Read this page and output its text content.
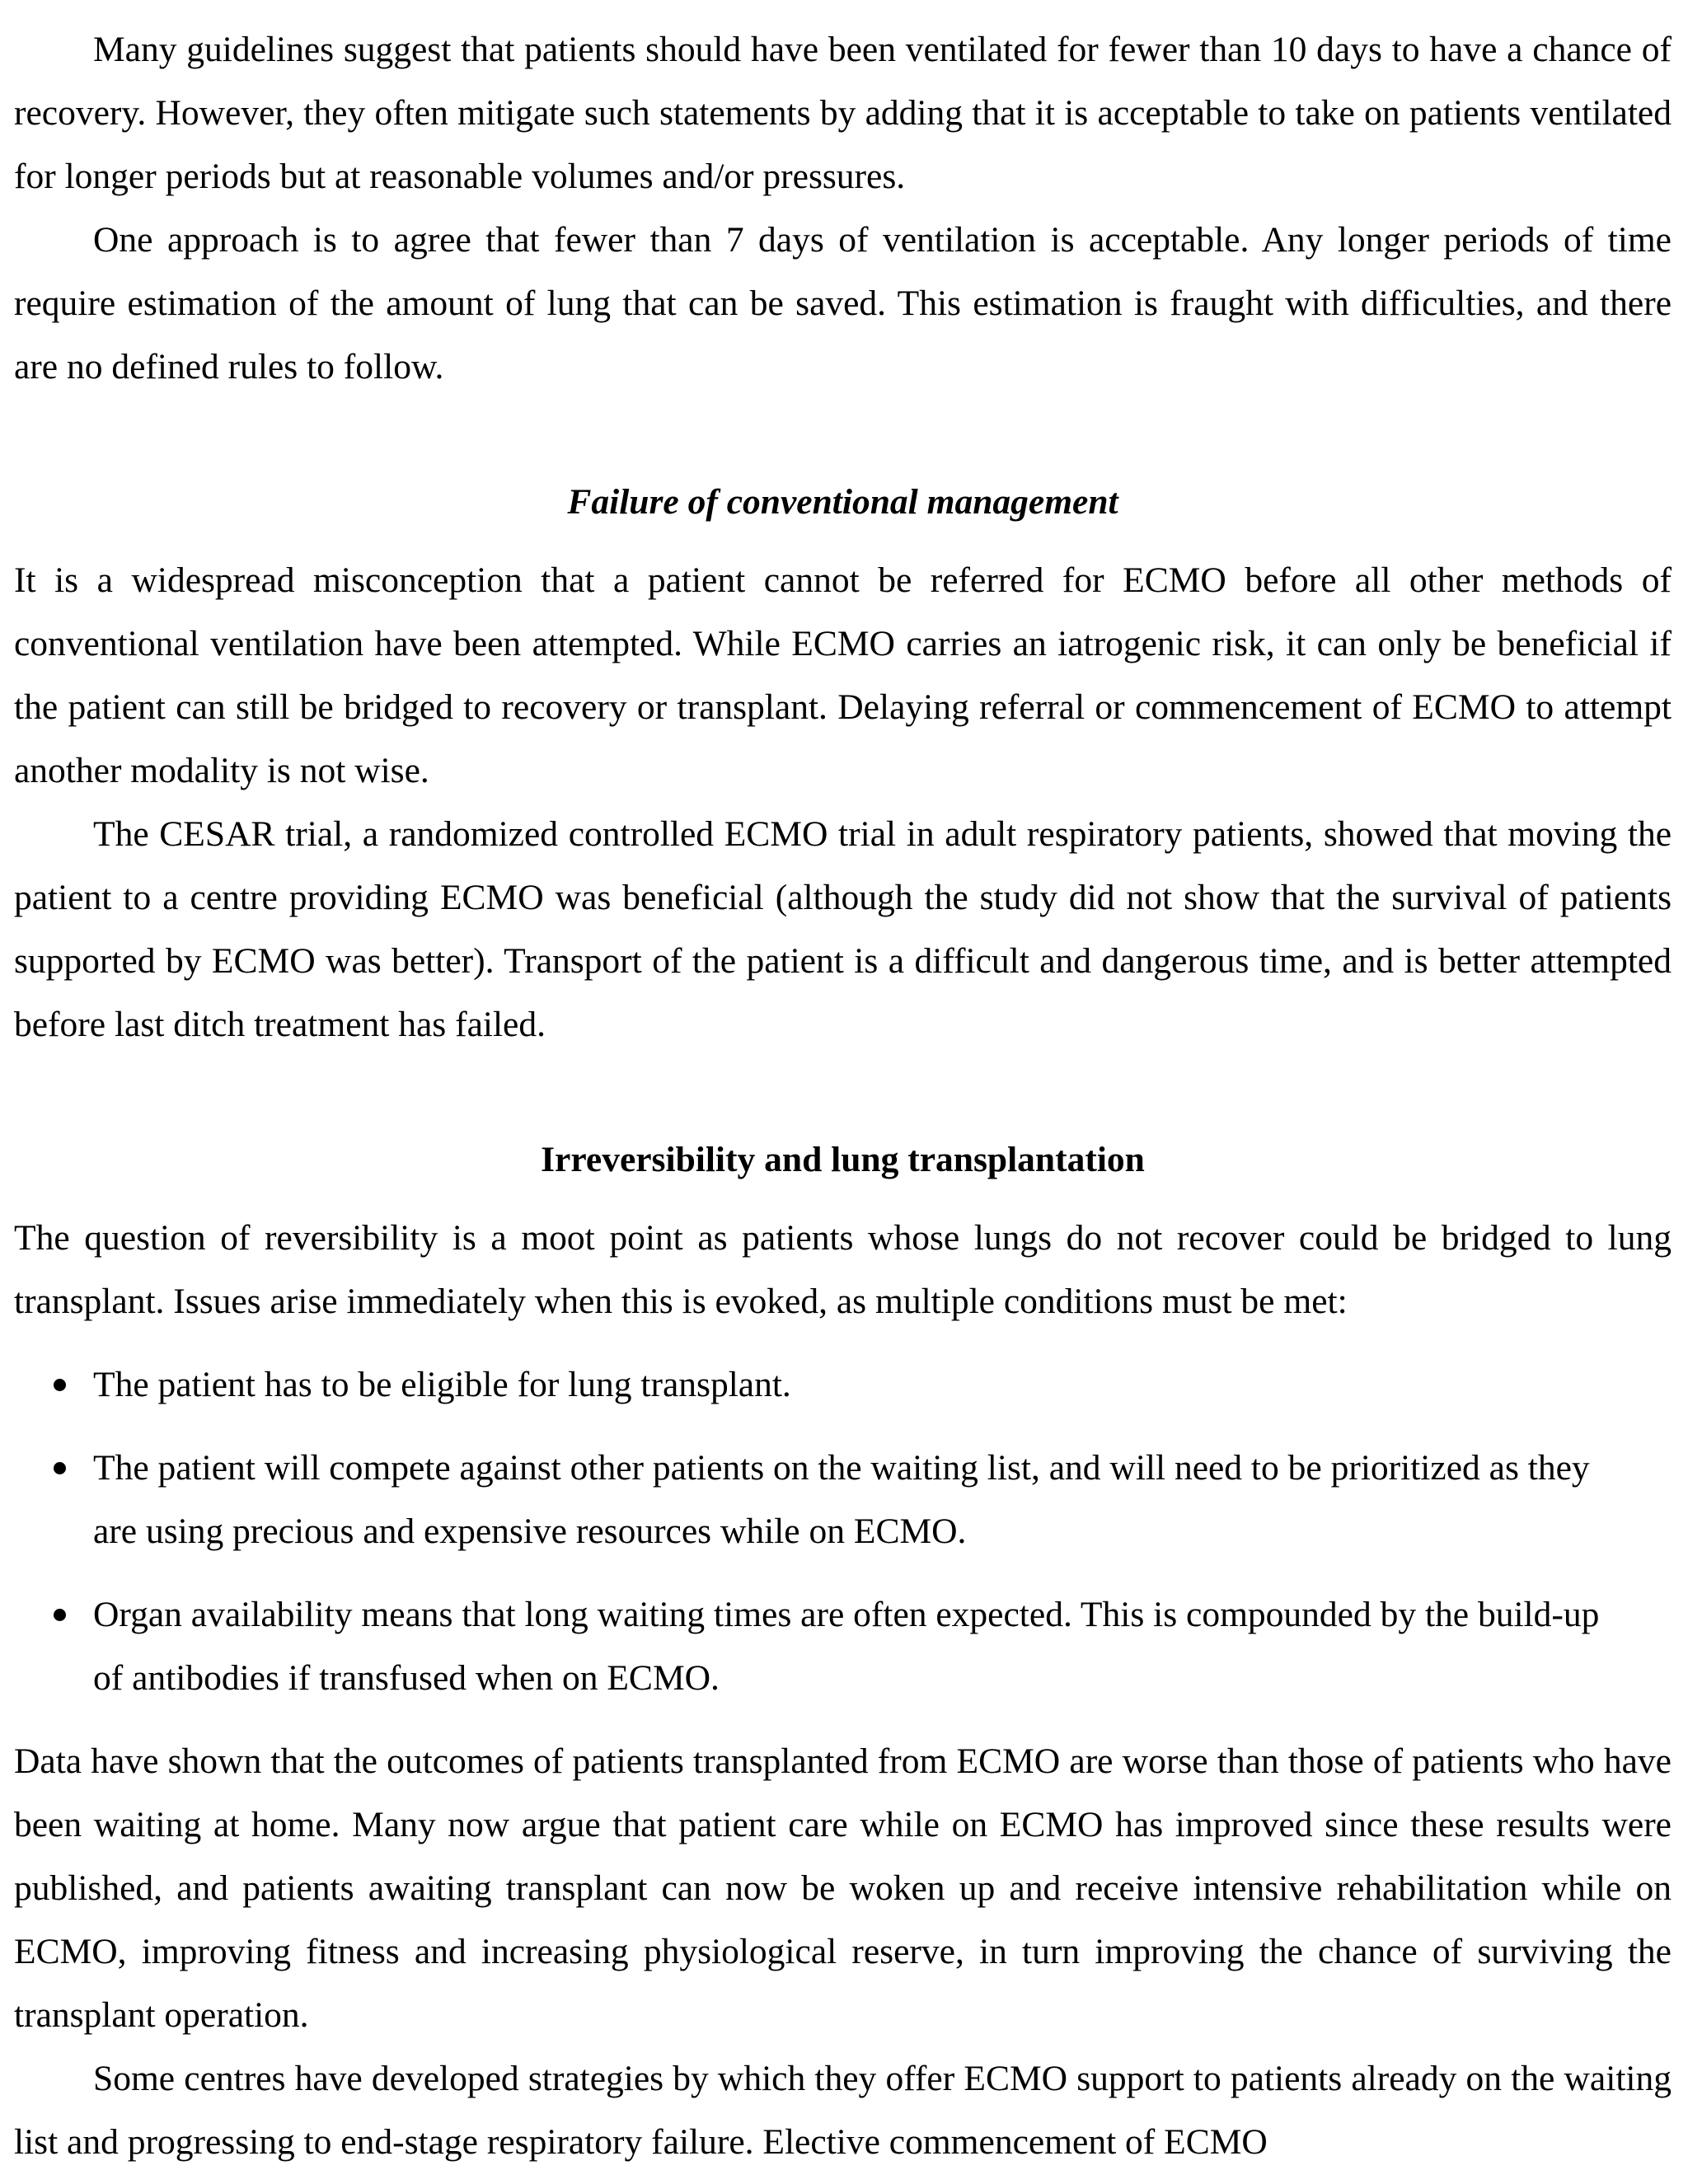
Many guidelines suggest that patients should have been ventilated for fewer than 10 days to have a chance of recovery. However, they often mitigate such statements by adding that it is acceptable to take on patients ventilated for longer periods but at reasonable volumes and/or pressures.

One approach is to agree that fewer than 7 days of ventilation is acceptable. Any longer periods of time require estimation of the amount of lung that can be saved. This estimation is fraught with difficulties, and there are no defined rules to follow.

Failure of conventional management

It is a widespread misconception that a patient cannot be referred for ECMO before all other methods of conventional ventilation have been attempted. While ECMO carries an iatrogenic risk, it can only be beneficial if the patient can still be bridged to recovery or transplant. Delaying referral or commencement of ECMO to attempt another modality is not wise.

The CESAR trial, a randomized controlled ECMO trial in adult respiratory patients, showed that moving the patient to a centre providing ECMO was beneficial (although the study did not show that the survival of patients supported by ECMO was better). Transport of the patient is a difficult and dangerous time, and is better attempted before last ditch treatment has failed.

Irreversibility and lung transplantation

The question of reversibility is a moot point as patients whose lungs do not recover could be bridged to lung transplant. Issues arise immediately when this is evoked, as multiple conditions must be met:

The patient has to be eligible for lung transplant.
The patient will compete against other patients on the waiting list, and will need to be prioritized as they are using precious and expensive resources while on ECMO.
Organ availability means that long waiting times are often expected. This is compounded by the build-up of antibodies if transfused when on ECMO.

Data have shown that the outcomes of patients transplanted from ECMO are worse than those of patients who have been waiting at home. Many now argue that patient care while on ECMO has improved since these results were published, and patients awaiting transplant can now be woken up and receive intensive rehabilitation while on ECMO, improving fitness and increasing physiological reserve, in turn improving the chance of surviving the transplant operation.

Some centres have developed strategies by which they offer ECMO support to patients already on the waiting list and progressing to end-stage respiratory failure. Elective commencement of ECMO
